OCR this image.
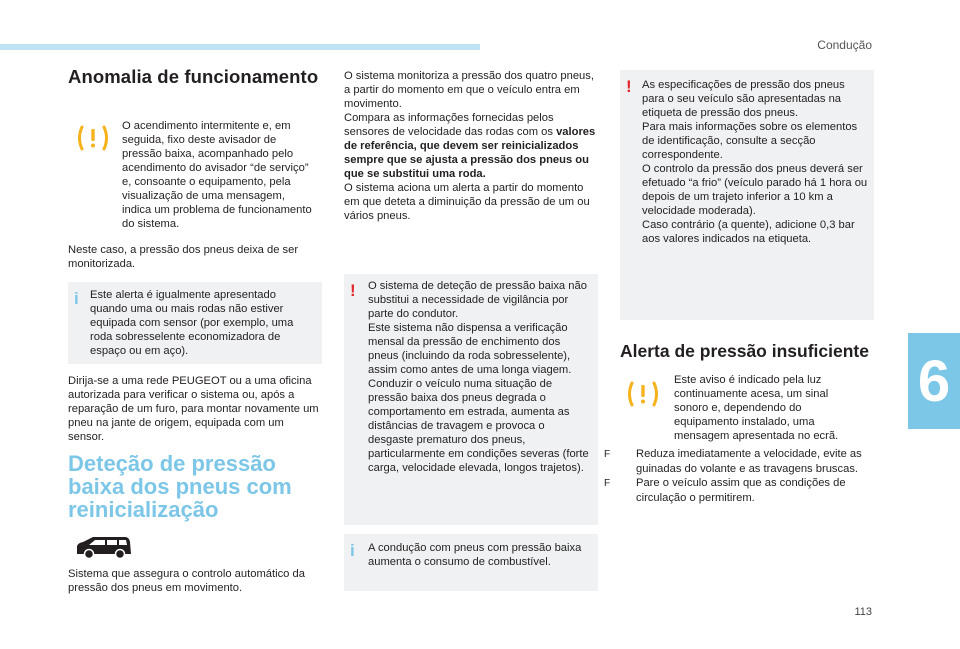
Condução
6
113
Anomalia de funcionamento

O acendimento intermitente e, em seguida, fixo deste avisador de pressão baixa, acompanhado pelo acendimento do avisador “de serviço” e, consoante o equipamento, pela visualização de uma mensagem, indica um problema de funcionamento do sistema.

Neste caso, a pressão dos pneus deixa de ser monitorizada.

i Este alerta é igualmente apresentado quando uma ou mais rodas não estiver equipada com sensor (por exemplo, uma roda sobresselente economizadora de espaço ou em aço).

Dirija-se a uma rede PEUGEOT ou a uma oficina autorizada para verificar o sistema ou, após a reparação de um furo, para montar novamente um pneu na jante de origem, equipada com um sensor.

Deteção de pressão baixa dos pneus com reinicialização

Sistema que assegura o controlo automático da pressão dos pneus em movimento.

O sistema monitoriza a pressão dos quatro pneus, a partir do momento em que o veículo entra em movimento.
Compara as informações fornecidas pelos sensores de velocidade das rodas com os valores de referência, que devem ser reinicializados sempre que se ajusta a pressão dos pneus ou que se substitui uma roda.
O sistema aciona um alerta a partir do momento em que deteta a diminuição da pressão de um ou vários pneus.
! O sistema de deteção de pressão baixa não substitui a necessidade de vigilância por parte do condutor.
Este sistema não dispensa a verificação mensal da pressão de enchimento dos pneus (incluindo da roda sobresselente), assim como antes de uma longa viagem.
Conduzir o veículo numa situação de pressão baixa dos pneus degrada o comportamento em estrada, aumenta as distâncias de travagem e provoca o desgaste prematuro dos pneus, particularmente em condições severas (forte carga, velocidade elevada, longos trajetos).

i A condução com pneus com pressão baixa aumenta o consumo de combustível.

! As especificações de pressão dos pneus para o seu veículo são apresentadas na etiqueta de pressão dos pneus.
Para mais informações sobre os elementos de identificação, consulte a secção correspondente.
O controlo da pressão dos pneus deverá ser efetuado “a frio” (veículo parado há 1 hora ou depois de um trajeto inferior a 10 km a velocidade moderada).
Caso contrário (a quente), adicione 0,3 bar aos valores indicados na etiqueta.

Alerta de pressão insuficiente

Este aviso é indicado pela luz continuamente acesa, um sinal sonoro e, dependendo do equipamento instalado, uma mensagem apresentada no ecrã.

F Reduza imediatamente a velocidade, evite as guinadas do volante e as travagens bruscas.
F Pare o veículo assim que as condições de circulação o permitirem.
